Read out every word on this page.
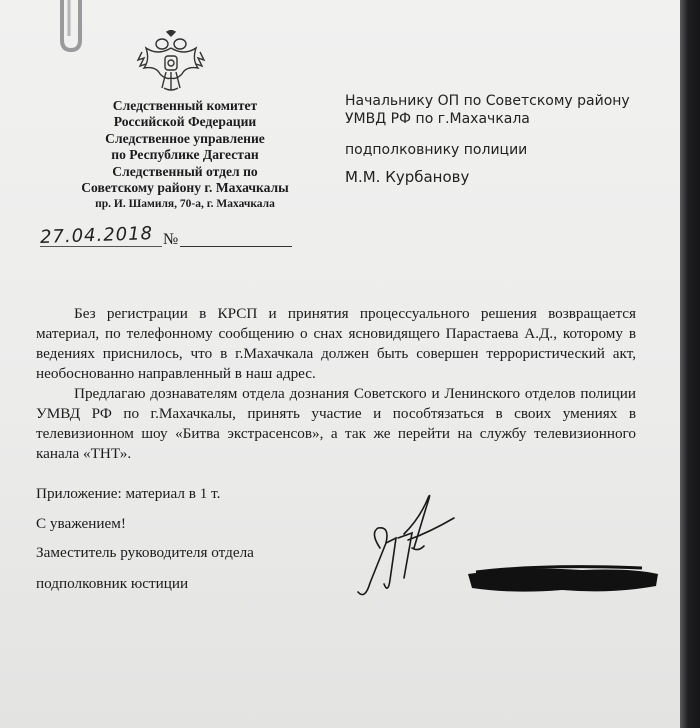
Следственный комитет
Российской Федерации
Следственное управление
по Республике Дагестан
Следственный отдел по
Советскому району г. Махачкалы
пр. И. Шамиля, 70-а, г. Махачкала
27.04.2018 №
Начальнику ОП по Советскому району
УМВД РФ по г.Махачкала
подполковнику полиции
М.М. Курбанову

Без регистрации в КРСП и принятия процессуального решения возвращается материал, по телефонному сообщению о снах ясновидящего Парастаева А.Д., которому в ведениях приснилось, что в г.Махачкала должен быть совершен террористический акт, необоснованно направленный в наш адрес.

Предлагаю дознавателям отдела дознания Советского и Ленинского отделов полиции УМВД РФ по г.Махачкалы, принять участие и пособтязаться в своих умениях в телевизионном шоу «Битва экстрасенсов», а так же перейти на службу телевизионного канала «ТНТ».

Приложение: материал в 1 т.
С уважением!
Заместитель руководителя отдела
подполковник юстиции
